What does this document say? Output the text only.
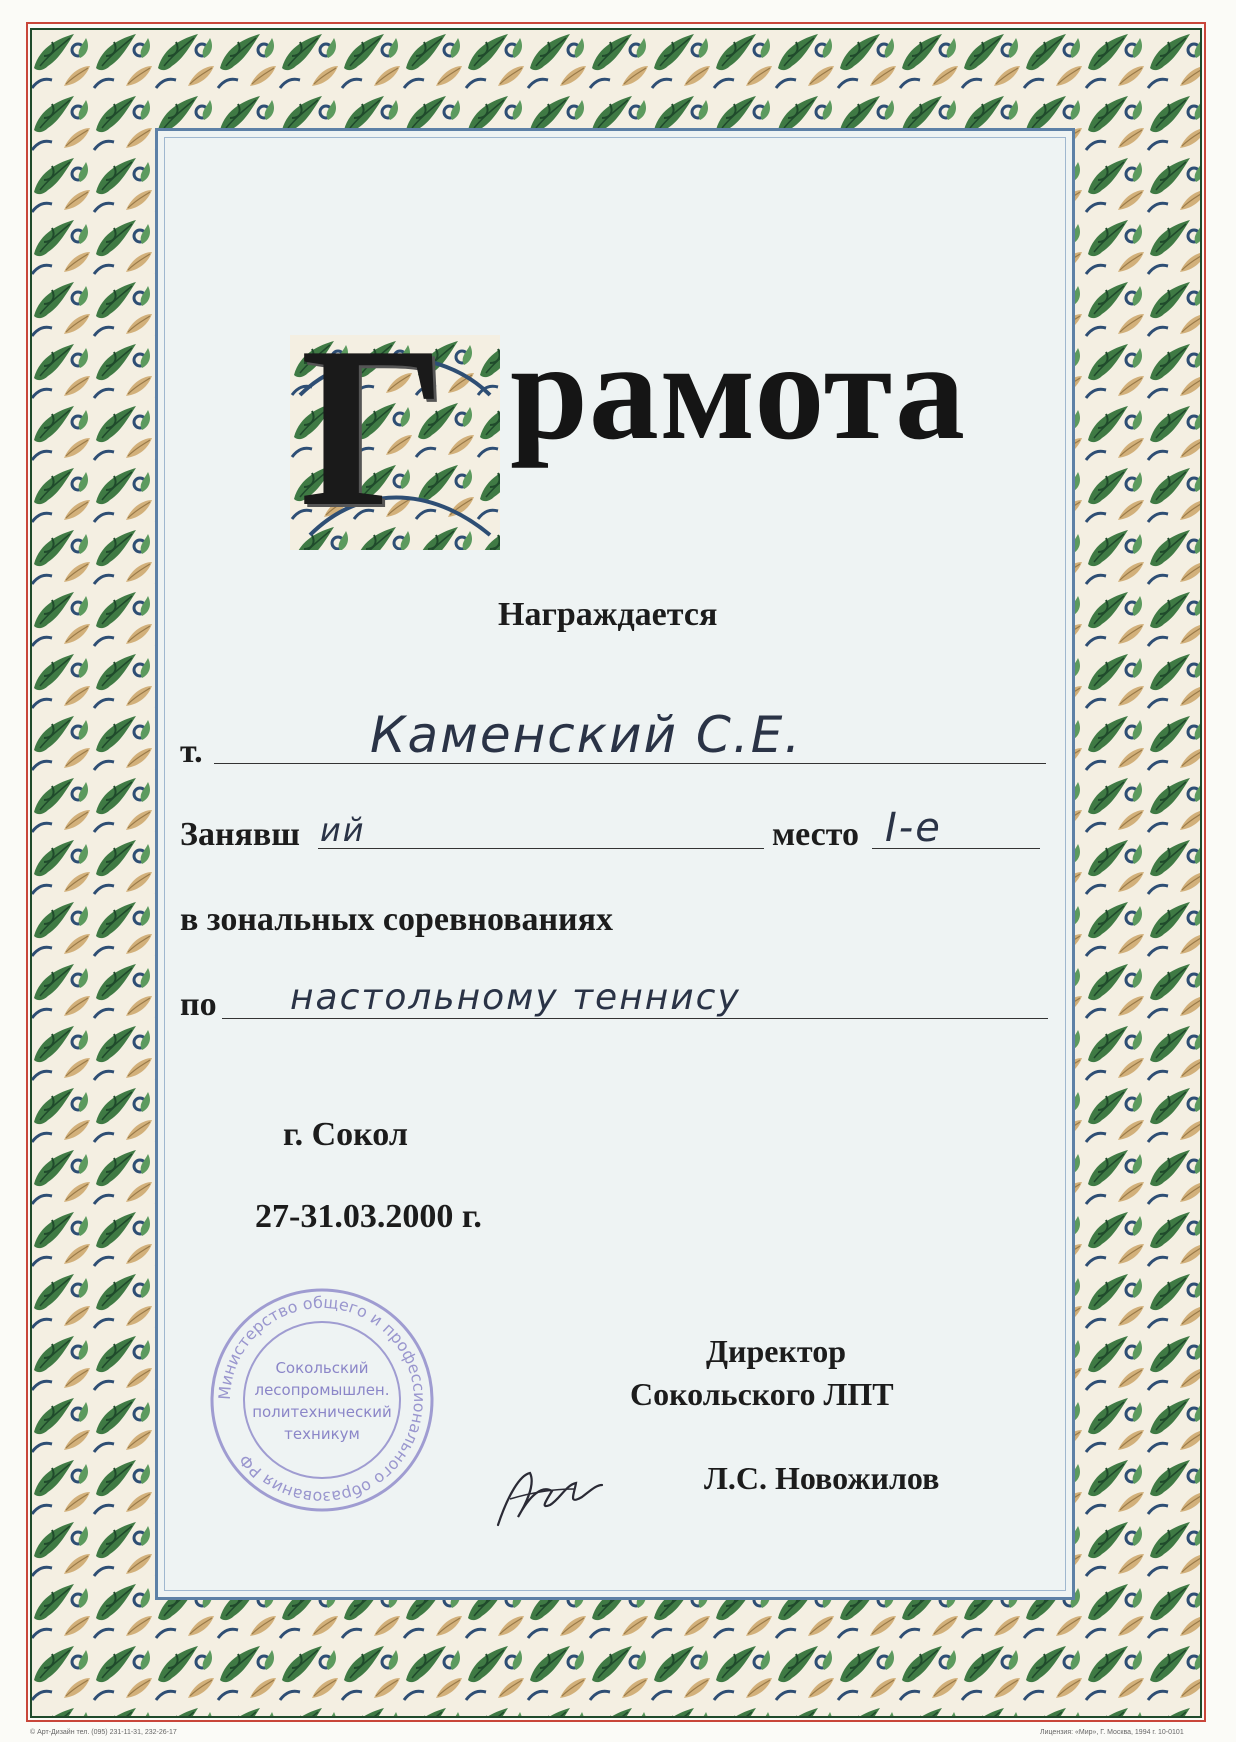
Г рамота
Награждается
т.	Каменский С.Е.
Занявш ий	место I-е
в зональных соревнованиях
по настольному теннису
г. Сокол
27-31.03.2000 г.
Министерство общего и профессионального образования РФ
Сокольский
лесопромышлен.
политехнический
техникум
Директор
Сокольского ЛПТ
Л.С. Новожилов
© Арт-Дизайн тел. (095) 231-11-31, 232-26-17	Лицензия: «Мир», Г. Москва, 1994 г. 10-0101
